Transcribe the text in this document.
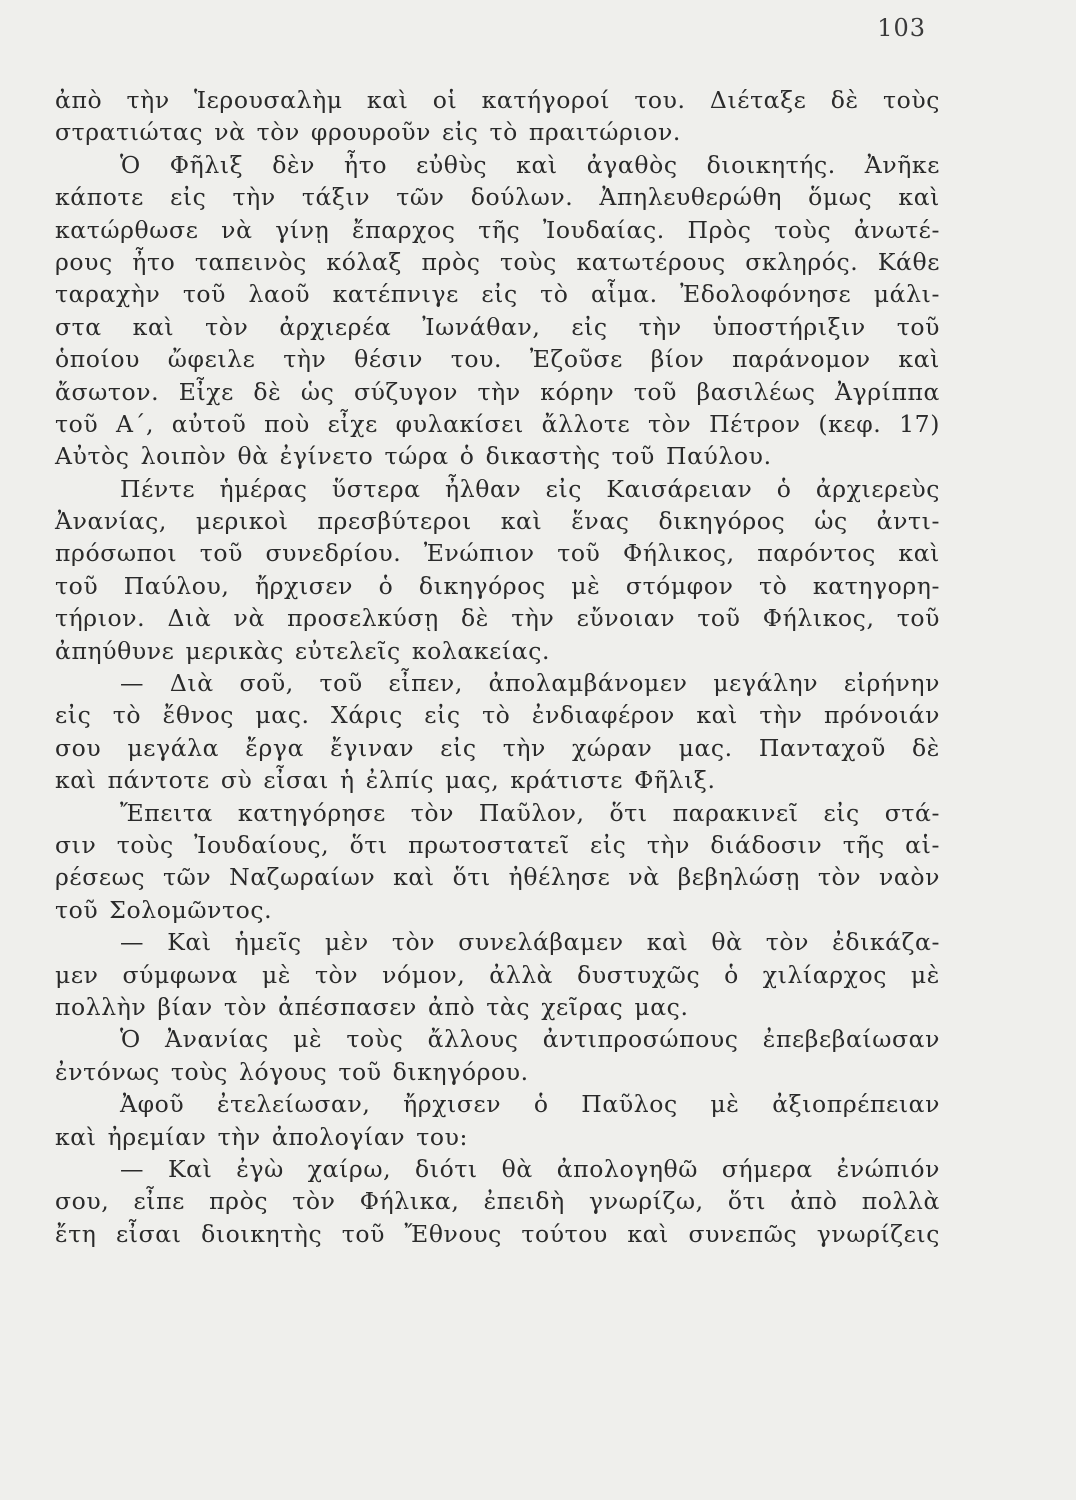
103
ἀπὸ τὴν Ἱερουσαλὴμ καὶ οἱ κατήγοροί του. Διέταξε δὲ τοὺς
στρατιώτας νὰ τὸν φρουροῦν εἰς τὸ πραιτώριον.
Ὁ Φῆλιξ δὲν ἦτο εὐθὺς καὶ ἀγαθὸς διοικητής. Ἀνῆκε
κάποτε εἰς τὴν τάξιν τῶν δούλων. Ἀπηλευθερώθη ὅμως καὶ
κατώρθωσε νὰ γίνῃ ἔπαρχος τῆς Ἰουδαίας. Πρὸς τοὺς ἀνωτέ-
ρους ἦτο ταπεινὸς κόλαξ πρὸς τοὺς κατωτέρους σκληρός. Κάθε
ταραχὴν τοῦ λαοῦ κατέπνιγε εἰς τὸ αἷμα. Ἐδολοφόνησε μάλι-
στα καὶ τὸν ἀρχιερέα Ἰωνάθαν, εἰς τὴν ὑποστήριξιν τοῦ
ὁποίου ὤφειλε τὴν θέσιν του. Ἐζοῦσε βίον παράνομον καὶ
ἄσωτον. Εἶχε δὲ ὡς σύζυγον τὴν κόρην τοῦ βασιλέως Ἀγρίππα
τοῦ Α΄, αὐτοῦ ποὺ εἶχε φυλακίσει ἄλλοτε τὸν Πέτρον (κεφ. 17)
Αὐτὸς λοιπὸν θὰ ἐγίνετο τώρα ὁ δικαστὴς τοῦ Παύλου.
Πέντε ἡμέρας ὕστερα ἦλθαν εἰς Καισάρειαν ὁ ἀρχιερεὺς
Ἀνανίας, μερικοὶ πρεσβύτεροι καὶ ἕνας δικηγόρος ὡς ἀντι-
πρόσωποι τοῦ συνεδρίου. Ἐνώπιον τοῦ Φήλικος, παρόντος καὶ
τοῦ Παύλου, ἤρχισεν ὁ δικηγόρος μὲ στόμφον τὸ κατηγορη-
τήριον. Διὰ νὰ προσελκύσῃ δὲ τὴν εὔνοιαν τοῦ Φήλικος, τοῦ
ἀπηύθυνε μερικὰς εὐτελεῖς κολακείας.
— Διὰ σοῦ, τοῦ εἶπεν, ἀπολαμβάνομεν μεγάλην εἰρήνην
εἰς τὸ ἔθνος μας. Χάρις εἰς τὸ ἐνδιαφέρον καὶ τὴν πρόνοιάν
σου μεγάλα ἔργα ἔγιναν εἰς τὴν χώραν μας. Πανταχοῦ δὲ
καὶ πάντοτε σὺ εἶσαι ἡ ἐλπίς μας, κράτιστε Φῆλιξ.
Ἔπειτα κατηγόρησε τὸν Παῦλον, ὅτι παρακινεῖ εἰς στά-
σιν τοὺς Ἰουδαίους, ὅτι πρωτοστατεῖ εἰς τὴν διάδοσιν τῆς αἱ-
ρέσεως τῶν Ναζωραίων καὶ ὅτι ἠθέλησε νὰ βεβηλώσῃ τὸν ναὸν
τοῦ Σολομῶντος.
— Καὶ ἡμεῖς μὲν τὸν συνελάβαμεν καὶ θὰ τὸν ἐδικάζα-
μεν σύμφωνα μὲ τὸν νόμον, ἀλλὰ δυστυχῶς ὁ χιλίαρχος μὲ
πολλὴν βίαν τὸν ἀπέσπασεν ἀπὸ τὰς χεῖρας μας.
Ὁ Ἀνανίας μὲ τοὺς ἄλλους ἀντιπροσώπους ἐπεβεβαίωσαν
ἐντόνως τοὺς λόγους τοῦ δικηγόρου.
Ἀφοῦ ἐτελείωσαν, ἤρχισεν ὁ Παῦλος μὲ ἀξιοπρέπειαν
καὶ ἠρεμίαν τὴν ἀπολογίαν του:
— Καὶ ἐγὼ χαίρω, διότι θὰ ἀπολογηθῶ σήμερα ἐνώπιόν
σου, εἶπε πρὸς τὸν Φήλικα, ἐπειδὴ γνωρίζω, ὅτι ἀπὸ πολλὰ
ἔτη εἶσαι διοικητὴς τοῦ Ἔθνους τούτου καὶ συνεπῶς γνωρίζεις
